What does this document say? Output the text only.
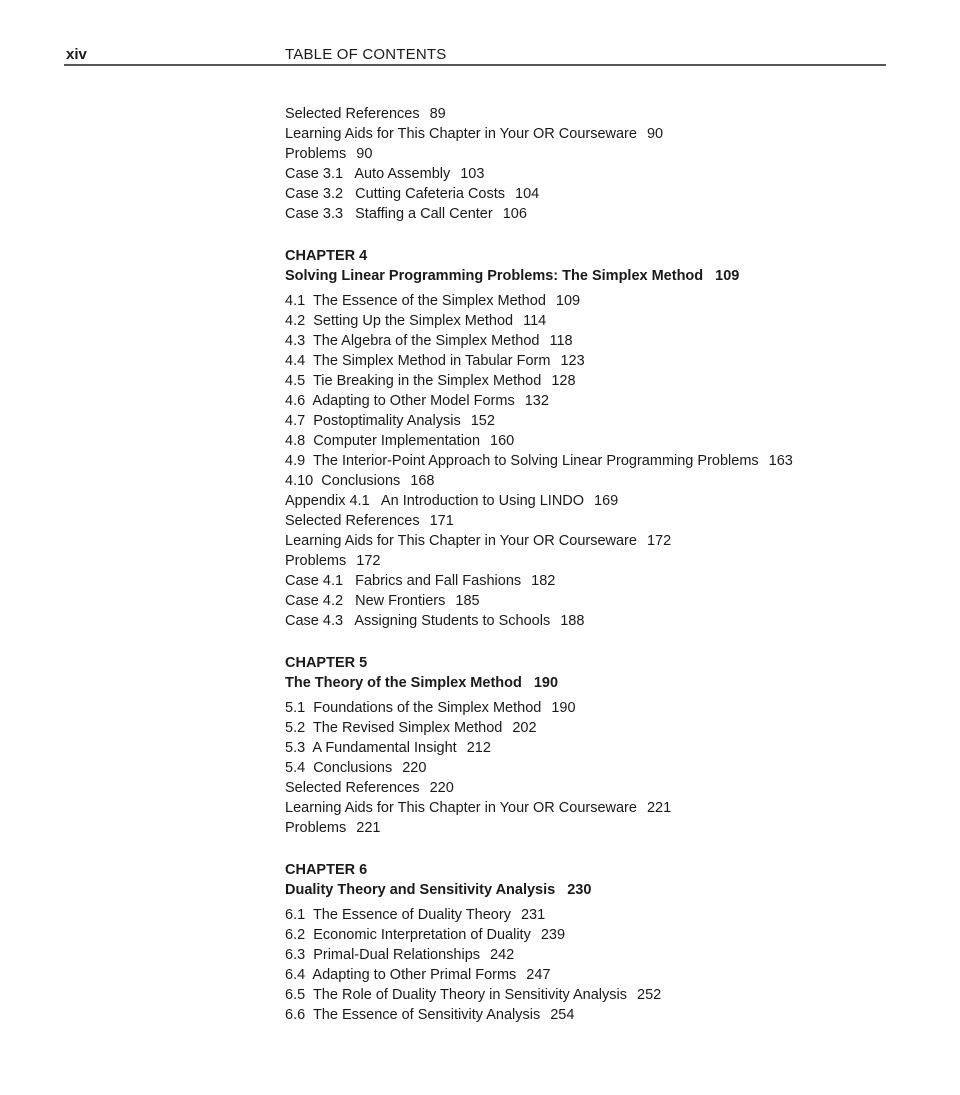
xiv	TABLE OF CONTENTS
Selected References 89
Learning Aids for This Chapter in Your OR Courseware 90
Problems 90
Case 3.1   Auto Assembly 103
Case 3.2   Cutting Cafeteria Costs 104
Case 3.3   Staffing a Call Center 106
CHAPTER 4
Solving Linear Programming Problems: The Simplex Method 109
4.1  The Essence of the Simplex Method 109
4.2  Setting Up the Simplex Method 114
4.3  The Algebra of the Simplex Method 118
4.4  The Simplex Method in Tabular Form 123
4.5  Tie Breaking in the Simplex Method 128
4.6  Adapting to Other Model Forms 132
4.7  Postoptimality Analysis 152
4.8  Computer Implementation 160
4.9  The Interior-Point Approach to Solving Linear Programming Problems 163
4.10  Conclusions 168
Appendix 4.1   An Introduction to Using LINDO 169
Selected References 171
Learning Aids for This Chapter in Your OR Courseware 172
Problems 172
Case 4.1   Fabrics and Fall Fashions 182
Case 4.2   New Frontiers 185
Case 4.3   Assigning Students to Schools 188
CHAPTER 5
The Theory of the Simplex Method 190
5.1  Foundations of the Simplex Method 190
5.2  The Revised Simplex Method 202
5.3  A Fundamental Insight 212
5.4  Conclusions 220
Selected References 220
Learning Aids for This Chapter in Your OR Courseware 221
Problems 221
CHAPTER 6
Duality Theory and Sensitivity Analysis 230
6.1  The Essence of Duality Theory 231
6.2  Economic Interpretation of Duality 239
6.3  Primal-Dual Relationships 242
6.4  Adapting to Other Primal Forms 247
6.5  The Role of Duality Theory in Sensitivity Analysis 252
6.6  The Essence of Sensitivity Analysis 254
